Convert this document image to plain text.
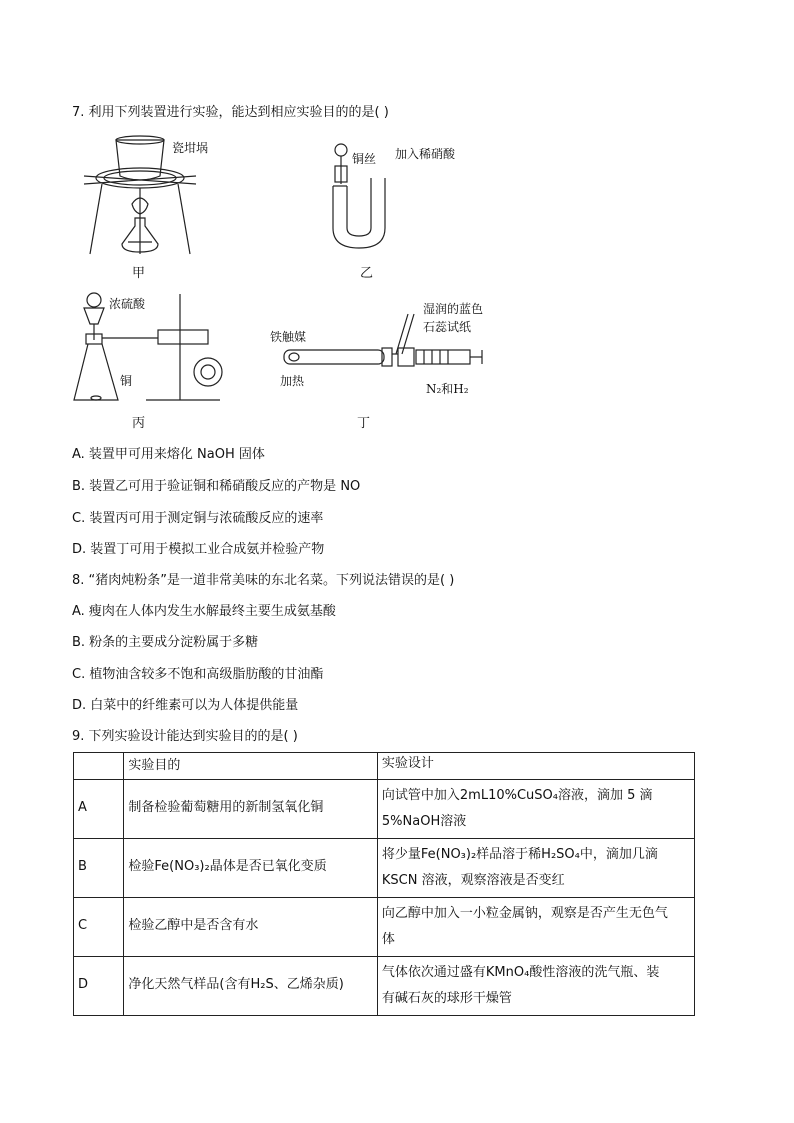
7. 利用下列装置进行实验，能达到相应实验目的的是( )
瓷坩埚
甲
铜丝 加入稀硝酸
乙
浓硫酸
铜
丙
铁触媒
加热
湿润的蓝色
石蕊试纸
N₂和H₂
丁
A. 装置甲可用来熔化 NaOH 固体
B. 装置乙可用于验证铜和稀硝酸反应的产物是 NO
C. 装置丙可用于测定铜与浓硫酸反应的速率
D. 装置丁可用于模拟工业合成氨并检验产物
8. “猪肉炖粉条”是一道非常美味的东北名菜。下列说法错误的是( )
A. 瘦肉在人体内发生水解最终主要生成氨基酸
B. 粉条的主要成分淀粉属于多糖
C. 植物油含较多不饱和高级脂肪酸的甘油酯
D. 白菜中的纤维素可以为人体提供能量
9. 下列实验设计能达到实验目的的是( )
	实验目的	实验设计
A	制备检验葡萄糖用的新制氢氧化铜	向试管中加入2mL10%CuSO₄溶液，滴加 5 滴
5%NaOH溶液

B	检验Fe(NO₃)₂晶体是否已氧化变质	将少量Fe(NO₃)₂样品溶于稀H₂SO₄中，滴加几滴
KSCN 溶液，观察溶液是否变红

C	检验乙醇中是否含有水	向乙醇中加入一小粒金属钠，观察是否产生无色气
体

D	净化天然气样品(含有H₂S、乙烯杂质)	气体依次通过盛有KMnO₄酸性溶液的洗气瓶、装
有碱石灰的球形干燥管
